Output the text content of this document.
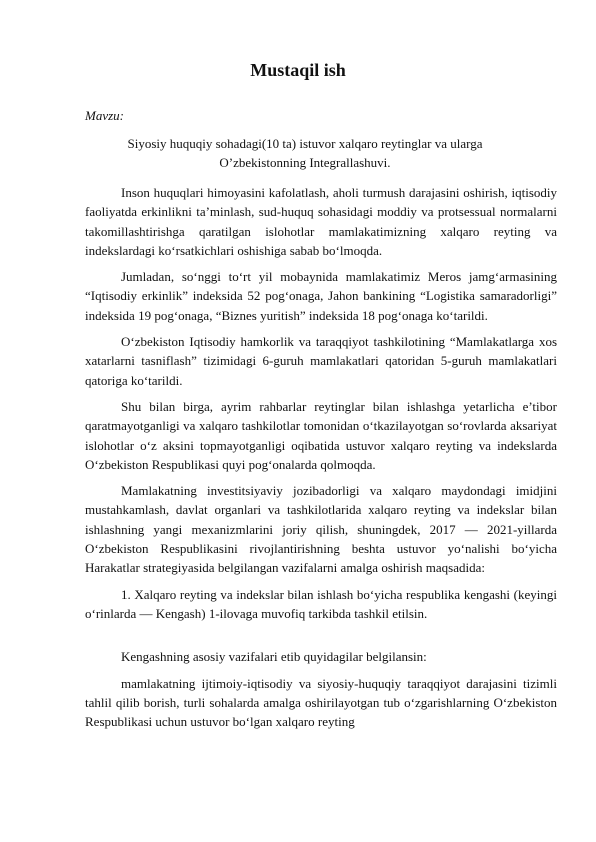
Mustaqil ish
Mavzu:
Siyosiy huquqiy sohadagi(10 ta) istuvor xalqaro reytinglar va ularga O’zbekistonning Integrallashuvi.

Inson huquqlari himoyasini kafolatlash, aholi turmush darajasini oshirish, iqtisodiy faoliyatda erkinlikni ta’minlash, sud-huquq sohasidagi moddiy va protsessual normalarni takomillashtirishga qaratilgan islohotlar mamlakatimizning xalqaro reyting va indekslardagi ko‘rsatkichlari oshishiga sabab bo‘lmoqda.

Jumladan, so‘nggi to‘rt yil mobaynida mamlakatimiz Meros jamg‘armasining “Iqtisodiy erkinlik” indeksida 52 pog‘onaga, Jahon bankining “Logistika samaradorligi” indeksida 19 pog‘onaga, “Biznes yuritish” indeksida 18 pog‘onaga ko‘tarildi.

O‘zbekiston Iqtisodiy hamkorlik va taraqqiyot tashkilotining “Mamlakatlarga xos xatarlarni tasniflash” tizimidagi 6-guruh mamlakatlari qatoridan 5-guruh mamlakatlari qatoriga ko‘tarildi.

Shu bilan birga, ayrim rahbarlar reytinglar bilan ishlashga yetarlicha e’tibor qaratmayotganligi va xalqaro tashkilotlar tomonidan o‘tkazilayotgan so‘rovlarda aksariyat islohotlar o‘z aksini topmayotganligi oqibatida ustuvor xalqaro reyting va indekslarda O‘zbekiston Respublikasi quyi pog‘onalarda qolmoqda.

Mamlakatning investitsiyaviy jozibadorligi va xalqaro maydondagi imidjini mustahkamlash, davlat organlari va tashkilotlarida xalqaro reyting va indekslar bilan ishlashning yangi mexanizmlarini joriy qilish, shuningdek, 2017 — 2021-yillarda O‘zbekiston Respublikasini rivojlantirishning beshta ustuvor yo‘nalishi bo‘yicha Harakatlar strategiyasida belgilangan vazifalarni amalga oshirish maqsadida:

1. Xalqaro reyting va indekslar bilan ishlash bo‘yicha respublika kengashi (keyingi o‘rinlarda — Kengash) 1-ilovaga muvofiq tarkibda tashkil etilsin.

Kengashning asosiy vazifalari etib quyidagilar belgilansin:

mamlakatning ijtimoiy-iqtisodiy va siyosiy-huquqiy taraqqiyot darajasini tizimli tahlil qilib borish, turli sohalarda amalga oshirilayotgan tub o‘zgarishlarning O‘zbekiston Respublikasi uchun ustuvor bo‘lgan xalqaro reyting
